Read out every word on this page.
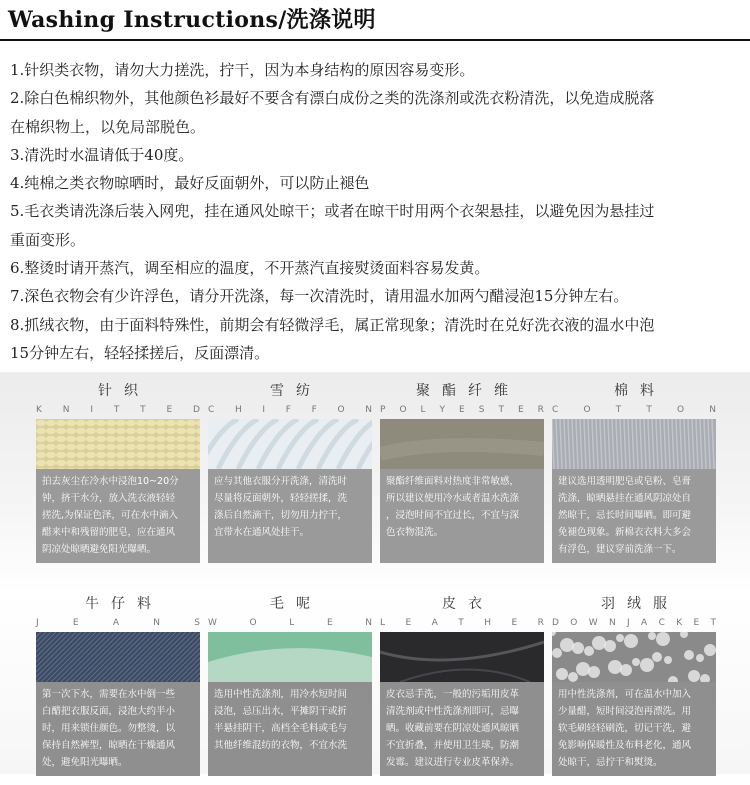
Washing Instructions/洗涤说明
1.针织类衣物，请勿大力搓洗，拧干，因为本身结构的原因容易变形。
2.除白色棉织物外，其他颜色衫最好不要含有漂白成份之类的洗涤剂或洗衣粉清洗，以免造成脱落
在棉织物上，以免局部脱色。
3.清洗时水温请低于40度。
4.纯棉之类衣物晾晒时，最好反面朝外，可以防止褪色
5.毛衣类请洗涤后装入网兜，挂在通风处晾干；或者在晾干时用两个衣架悬挂，以避免因为悬挂过
重面变形。
6.整烫时请开蒸汽，调至相应的温度，不开蒸汽直接熨烫面料容易发黄。
7.深色衣物会有少许浮色，请分开洗涤，每一次清洗时，请用温水加两勺醋浸泡15分钟左右。
8.抓绒衣物，由于面料特殊性，前期会有轻微浮毛，属正常现象；清洗时在兑好洗衣液的温水中泡
15分钟左右，轻轻揉搓后，反面漂清。
针织
K N I T T E D
拍去灰尘在冷水中浸泡10~20分
钟，挤干水分，放入洗衣液轻轻
搓洗,为保证色泽，可在水中滴入
醋来中和残留的肥皂，应在通风
阴凉处晾晒避免阳光曝晒。
雪纺
C H I F F O N
应与其他衣服分开洗涤，清洗时
尽量将反面朝外，轻轻搓揉，洗
涤后自然滴干，切勿用力拧干，
宜带水在通风处挂干。
聚酯纤维
P O L Y E S T E R
聚酯纤维面料对热度非常敏感，
所以建议使用冷水或者温水洗涤
，浸泡时间不宜过长，不宜与深
色衣物混洗。
棉料
C	O	T	T	O	N
建议选用透明肥皂或皂粉、皂膏
洗涤，晾晒悬挂在通风阴凉处自
然晾干，忌长时间曝晒。即可避
免褪色现象。新棉衣衣料大多会
有浮色，建议穿前洗涤一下。
牛仔料
J	E	A	N	S
第一次下水，需要在水中倒一些
白醋把衣服反面，浸泡大约半小
时，用来锁住颜色。勿整烫，以
保持自然裤型，晾晒在干燥通风
处，避免阳光曝晒。
毛呢
W	O	L	E	N
选用中性洗涤剂，用冷水短时间
浸泡，忌压出水，平摊阴干或折
半悬挂阴干，高档全毛料或毛与
其他纤维混纺的衣物，不宜水洗
皮衣
L E A T H E R
皮衣忌手洗，一般的污垢用皮革
清洗剂或中性洗涤剂即可，忌曝
晒。收藏前要在阴凉处通风晾晒
不宜折叠，并使用卫生球，防潮
发霉。建议进行专业皮革保养。
羽绒服
D O W N J A C K E T
用中性洗涤剂，可在温水中加入
少量醋，短时间浸泡再漂洗。用
软毛刷轻轻刷洗，切记干洗，避
免影响保暖性及布料老化，通风
处晾干，忌拧干和熨烫。
